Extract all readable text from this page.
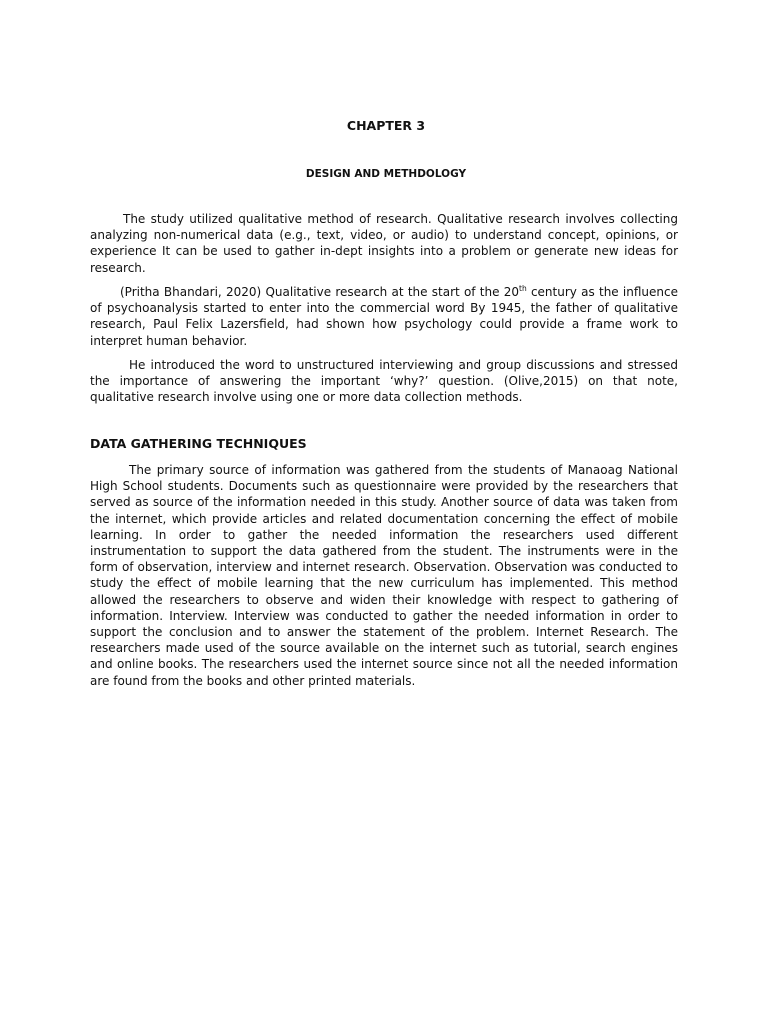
CHAPTER 3
DESIGN AND METHDOLOGY

The study utilized qualitative method of research. Qualitative research involves collecting analyzing non-numerical data (e.g., text, video, or audio) to understand concept, opinions, or experience It can be used to gather in-dept insights into a problem or generate new ideas for research.

(Pritha Bhandari, 2020) Qualitative research at the start of the 20th century as the influence of psychoanalysis started to enter into the commercial word By 1945, the father of qualitative research, Paul Felix Lazersfield, had shown how psychology could provide a frame work to interpret human behavior.

He introduced the word to unstructured interviewing and group discussions and stressed the importance of answering the important ‘why?’ question. (Olive,2015) on that note, qualitative research involve using one or more data collection methods.

DATA GATHERING TECHNIQUES

The primary source of information was gathered from the students of Manaoag National High School students. Documents such as questionnaire were provided by the researchers that served as source of the information needed in this study. Another source of data was taken from the internet, which provide articles and related documentation concerning the effect of mobile learning. In order to gather the needed information the researchers used different instrumentation to support the data gathered from the student. The instruments were in the form of observation, interview and internet research. Observation. Observation was conducted to study the effect of mobile learning that the new curriculum has implemented. This method allowed the researchers to observe and widen their knowledge with respect to gathering of information. Interview. Interview was conducted to gather the needed information in order to support the conclusion and to answer the statement of the problem. Internet Research. The researchers made used of the source available on the internet such as tutorial, search engines and online books. The researchers used the internet source since not all the needed information are found from the books and other printed materials.
